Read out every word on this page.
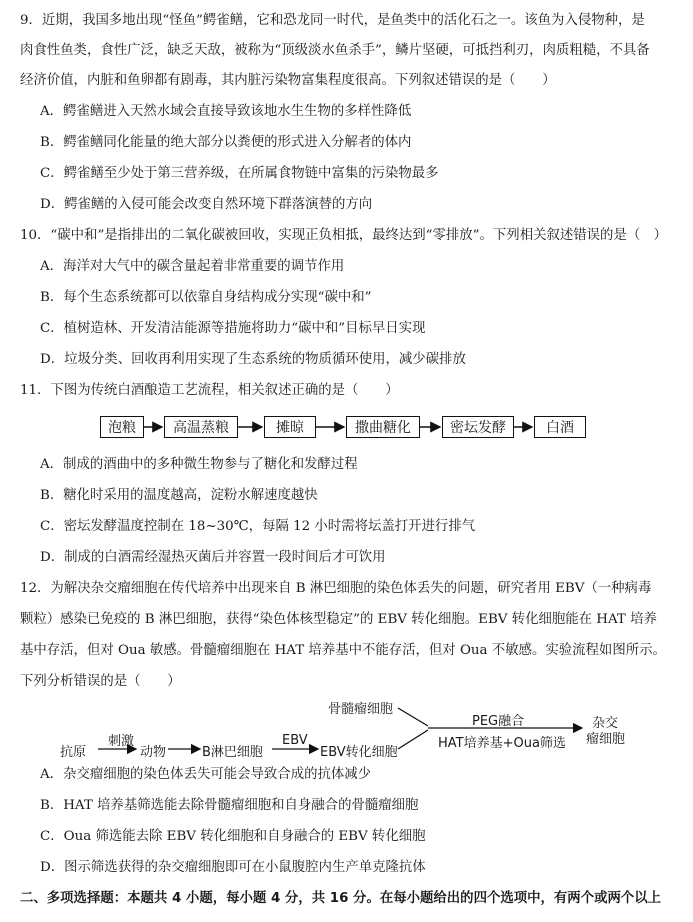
9．近期，我国多地出现“怪鱼”鳄雀鳝，它和恐龙同一时代，是鱼类中的活化石之一。该鱼为入侵物种，是
肉食性鱼类，食性广泛，缺乏天敌，被称为“顶级淡水鱼杀手”，鳞片坚硬，可抵挡利刃，肉质粗糙，不具备
经济价值，内脏和鱼卵都有剧毒，其内脏污染物富集程度很高。下列叙述错误的是（　　）
A．鳄雀鳝进入天然水域会直接导致该地水生生物的多样性降低
B．鳄雀鳝同化能量的绝大部分以粪便的形式进入分解者的体内
C．鳄雀鳝至少处于第三营养级，在所属食物链中富集的污染物最多
D．鳄雀鳝的入侵可能会改变自然环境下群落演替的方向
10．“碳中和”是指排出的二氧化碳被回收，实现正负相抵，最终达到“零排放”。下列相关叙述错误的是（　）
A．海洋对大气中的碳含量起着非常重要的调节作用
B．每个生态系统都可以依靠自身结构成分实现“碳中和”
C．植树造林、开发清洁能源等措施将助力“碳中和”目标早日实现
D．垃圾分类、回收再利用实现了生态系统的物质循环使用，减少碳排放
11．下图为传统白酒酿造工艺流程，相关叙述正确的是（　　）
泡粮	高温蒸粮	摊晾	撒曲糖化	密坛发酵	白酒
A．制成的酒曲中的多种微生物参与了糖化和发酵过程
B．糖化时采用的温度越高，淀粉水解速度越快
C．密坛发酵温度控制在 18~30℃，每隔 12 小时需将坛盖打开进行排气
D．制成的白酒需经湿热灭菌后并容置一段时间后才可饮用
12．为解决杂交瘤细胞在传代培养中出现来自 B 淋巴细胞的染色体丢失的问题，研究者用 EBV（一种病毒
颗粒）感染已免疫的 B 淋巴细胞，获得“染色体核型稳定”的 EBV 转化细胞。EBV 转化细胞能在 HAT 培养
基中存活，但对 Oua 敏感。骨髓瘤细胞在 HAT 培养基中不能存活，但对 Oua 不敏感。实验流程如图所示。
下列分析错误的是（　　）
抗原
刺激
动物	B淋巴细胞
EBV
EBV转化细胞
骨髓瘤细胞
PEG融合
HAT培养基+Oua筛选
杂交
瘤细胞
A．杂交瘤细胞的染色体丢失可能会导致合成的抗体减少
B．HAT 培养基筛选能去除骨髓瘤细胞和自身融合的骨髓瘤细胞
C．Oua 筛选能去除 EBV 转化细胞和自身融合的 EBV 转化细胞
D．图示筛选获得的杂交瘤细胞即可在小鼠腹腔内生产单克隆抗体
二、多项选择题：本题共 4 小题，每小题 4 分，共 16 分。在每小题给出的四个选项中，有两个或两个以上
